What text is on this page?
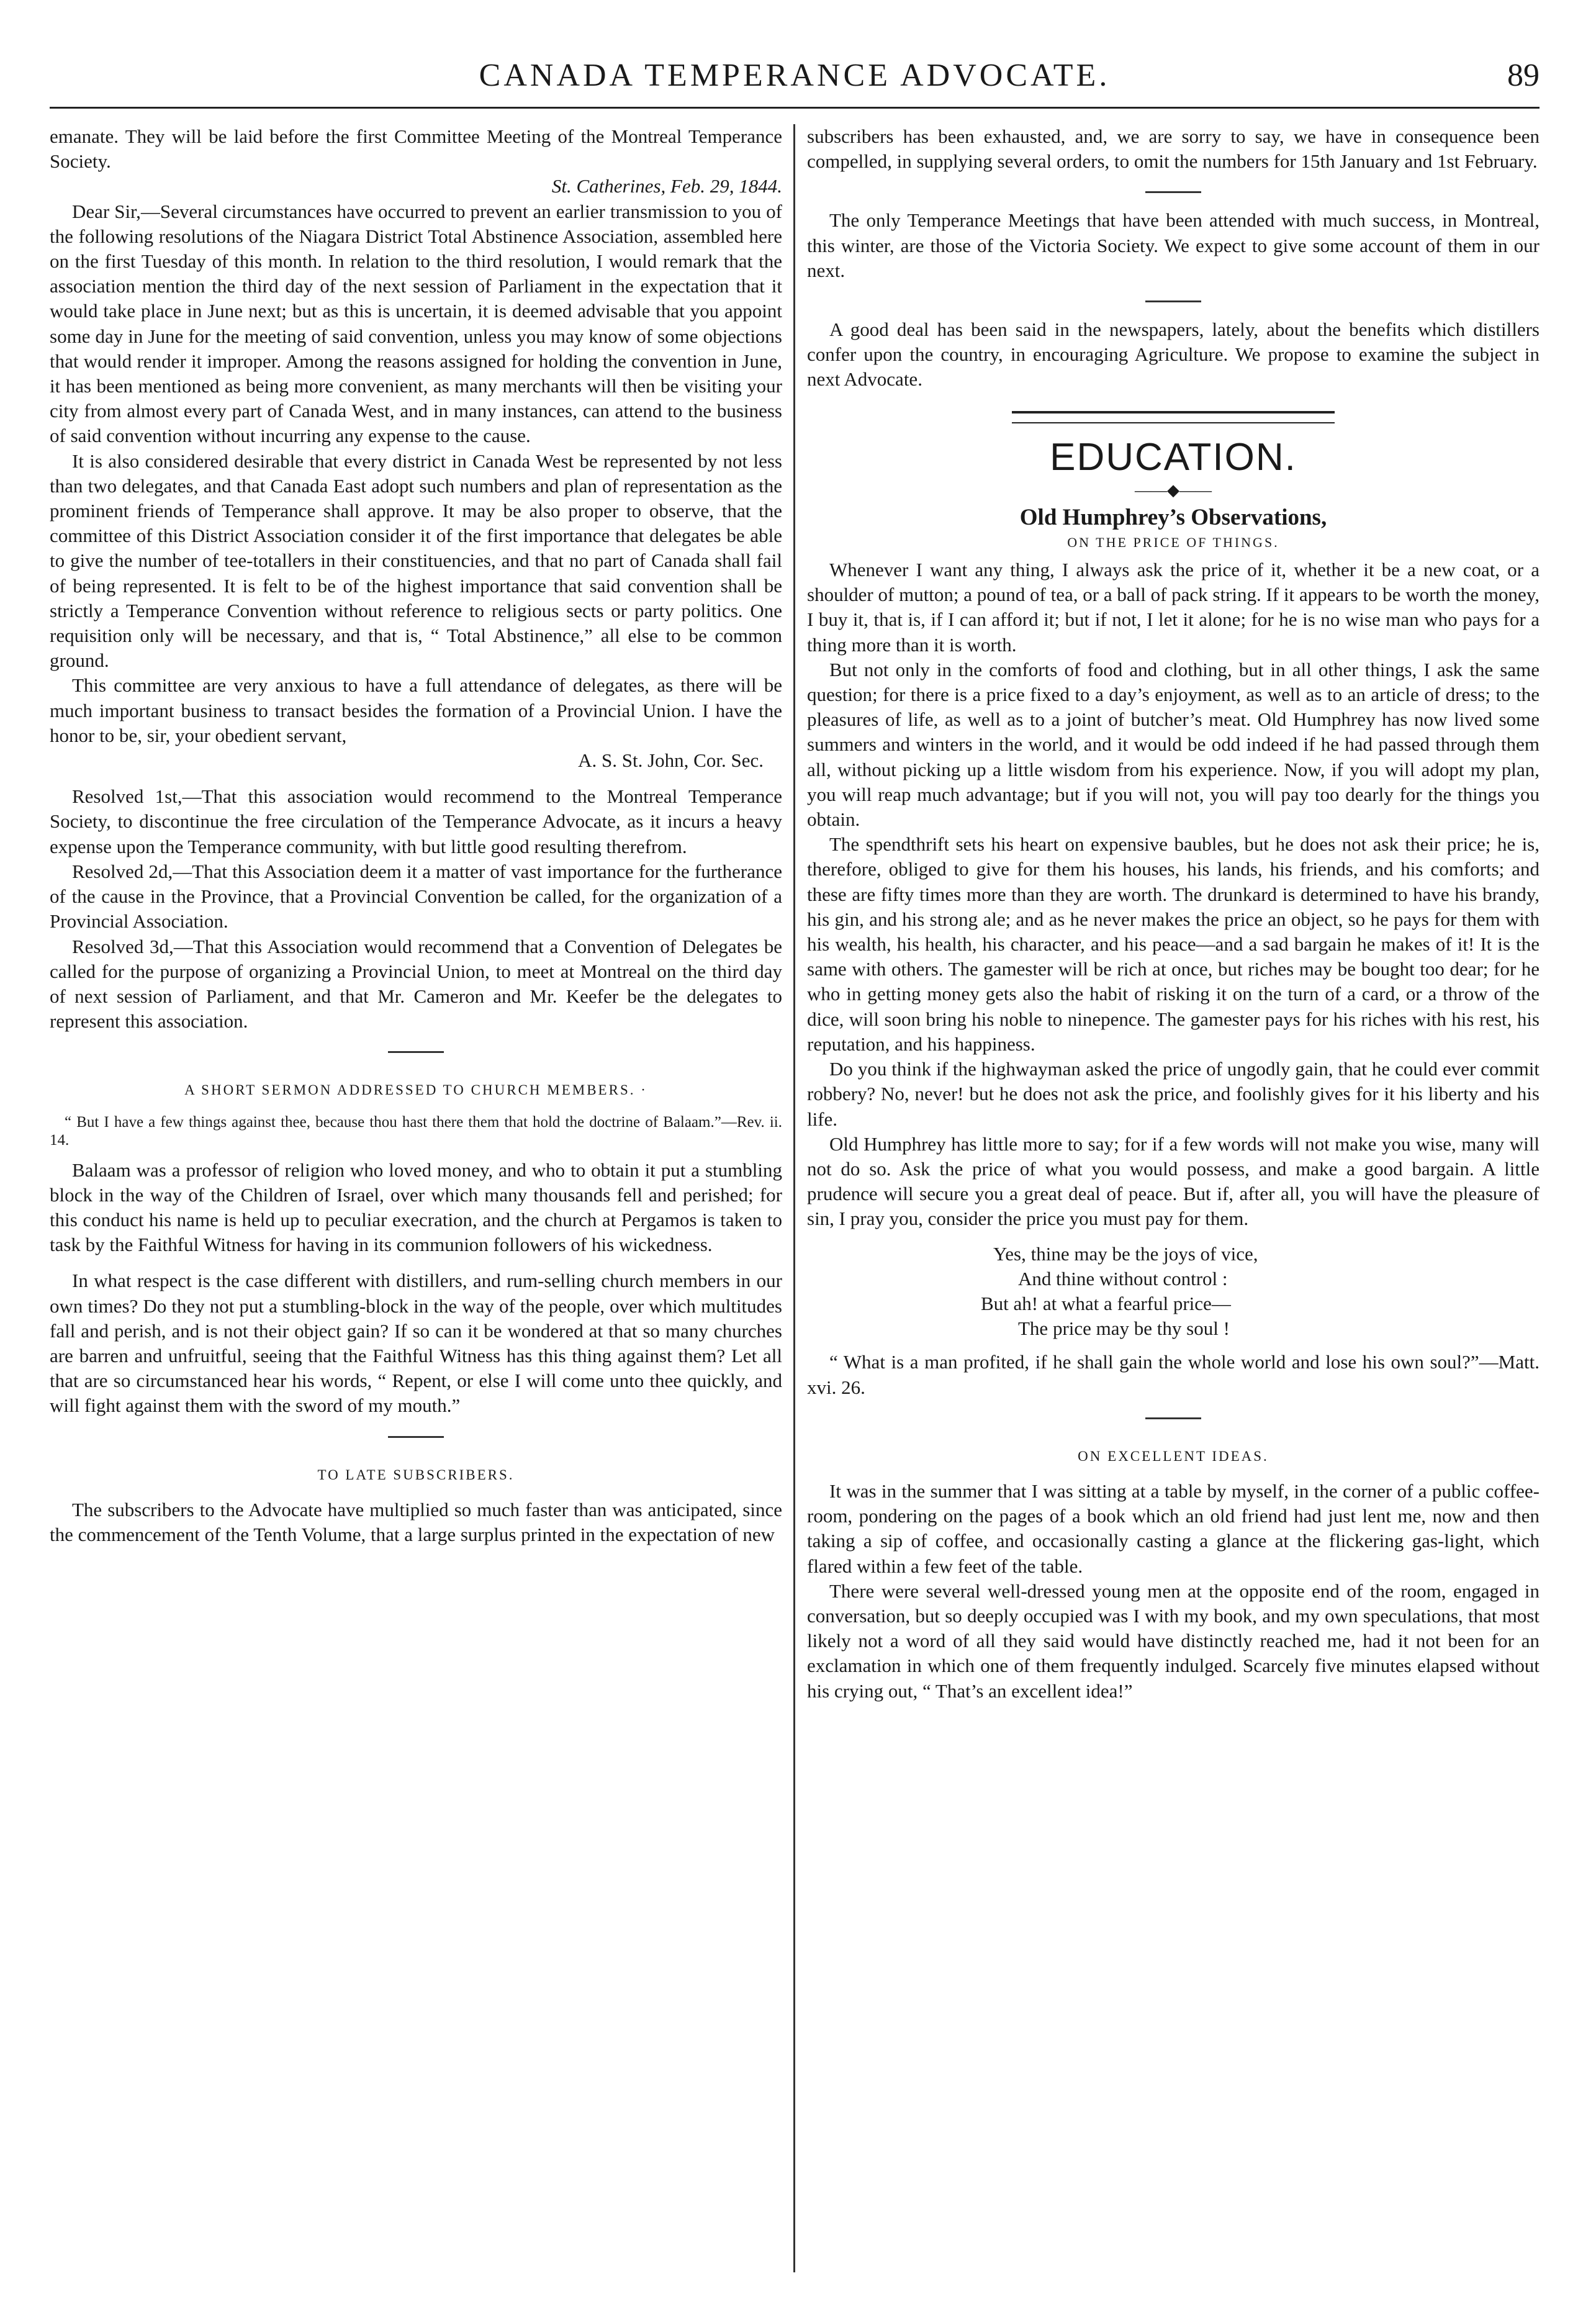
CANADA TEMPERANCE ADVOCATE.	89

emanate. They will be laid before the first Committee Meeting of the Montreal Temperance Society.

St. Catherines, Feb. 29, 1844.

Dear Sir,—Several circumstances have occurred to prevent an earlier transmission to you of the following resolutions of the Niagara District Total Abstinence Association, assembled here on the first Tuesday of this month. In relation to the third resolution, I would remark that the association mention the third day of the next session of Parliament in the expectation that it would take place in June next; but as this is uncertain, it is deemed advisable that you appoint some day in June for the meeting of said convention, unless you may know of some objections that would render it improper. Among the reasons assigned for holding the convention in June, it has been mentioned as being more convenient, as many merchants will then be visiting your city from almost every part of Canada West, and in many instances, can attend to the business of said convention without incurring any expense to the cause.

It is also considered desirable that every district in Canada West be represented by not less than two delegates, and that Canada East adopt such numbers and plan of representation as the prominent friends of Temperance shall approve. It may be also proper to observe, that the committee of this District Association consider it of the first importance that delegates be able to give the number of tee-totallers in their constituencies, and that no part of Canada shall fail of being represented. It is felt to be of the highest importance that said convention shall be strictly a Temperance Convention without reference to religious sects or party politics. One requisition only will be necessary, and that is, “ Total Abstinence,” all else to be common ground.

This committee are very anxious to have a full attendance of delegates, as there will be much important business to transact besides the formation of a Provincial Union. I have the honor to be, sir, your obedient servant,

A. S. St. John, Cor. Sec.

Resolved 1st,—That this association would recommend to the Montreal Temperance Society, to discontinue the free circulation of the Temperance Advocate, as it incurs a heavy expense upon the Temperance community, with but little good resulting therefrom.

Resolved 2d,—That this Association deem it a matter of vast importance for the furtherance of the cause in the Province, that a Provincial Convention be called, for the organization of a Provincial Association.

Resolved 3d,—That this Association would recommend that a Convention of Delegates be called for the purpose of organizing a Provincial Union, to meet at Montreal on the third day of next session of Parliament, and that Mr. Cameron and Mr. Keefer be the delegates to represent this association.

A SHORT SERMON ADDRESSED TO CHURCH MEMBERS. ·

“ But I have a few things against thee, because thou hast there them that hold the doctrine of Balaam.”—Rev. ii. 14.

Balaam was a professor of religion who loved money, and who to obtain it put a stumbling block in the way of the Children of Israel, over which many thousands fell and perished; for this conduct his name is held up to peculiar execration, and the church at Pergamos is taken to task by the Faithful Witness for having in its communion followers of his wickedness.

In what respect is the case different with distillers, and rum-selling church members in our own times? Do they not put a stumbling-block in the way of the people, over which multitudes fall and perish, and is not their object gain? If so can it be wondered at that so many churches are barren and unfruitful, seeing that the Faithful Witness has this thing against them? Let all that are so circumstanced hear his words, “ Repent, or else I will come unto thee quickly, and will fight against them with the sword of my mouth.”

TO LATE SUBSCRIBERS.

The subscribers to the Advocate have multiplied so much faster than was anticipated, since the commencement of the Tenth Volume, that a large surplus printed in the expectation of new

subscribers has been exhausted, and, we are sorry to say, we have in consequence been compelled, in supplying several orders, to omit the numbers for 15th January and 1st February.

The only Temperance Meetings that have been attended with much success, in Montreal, this winter, are those of the Victoria Society. We expect to give some account of them in our next.

A good deal has been said in the newspapers, lately, about the benefits which distillers confer upon the country, in encouraging Agriculture. We propose to examine the subject in next Advocate.

EDUCATION.

——◆——

Old Humphrey’s Observations,

ON THE PRICE OF THINGS.

Whenever I want any thing, I always ask the price of it, whether it be a new coat, or a shoulder of mutton; a pound of tea, or a ball of pack string. If it appears to be worth the money, I buy it, that is, if I can afford it; but if not, I let it alone; for he is no wise man who pays for a thing more than it is worth.

But not only in the comforts of food and clothing, but in all other things, I ask the same question; for there is a price fixed to a day’s enjoyment, as well as to an article of dress; to the pleasures of life, as well as to a joint of butcher’s meat. Old Humphrey has now lived some summers and winters in the world, and it would be odd indeed if he had passed through them all, without picking up a little wisdom from his experience. Now, if you will adopt my plan, you will reap much advantage; but if you will not, you will pay too dearly for the things you obtain.

The spendthrift sets his heart on expensive baubles, but he does not ask their price; he is, therefore, obliged to give for them his houses, his lands, his friends, and his comforts; and these are fifty times more than they are worth. The drunkard is determined to have his brandy, his gin, and his strong ale; and as he never makes the price an object, so he pays for them with his wealth, his health, his character, and his peace—and a sad bargain he makes of it! It is the same with others. The gamester will be rich at once, but riches may be bought too dear; for he who in getting money gets also the habit of risking it on the turn of a card, or a throw of the dice, will soon bring his noble to ninepence. The gamester pays for his riches with his rest, his reputation, and his happiness.

Do you think if the highwayman asked the price of ungodly gain, that he could ever commit robbery? No, never! but he does not ask the price, and foolishly gives for it his liberty and his life.

Old Humphrey has little more to say; for if a few words will not make you wise, many will not do so. Ask the price of what you would possess, and make a good bargain. A little prudence will secure you a great deal of peace. But if, after all, you will have the pleasure of sin, I pray you, consider the price you must pay for them.

Yes, thine may be the joys of vice,
And thine without control :
But ah! at what a fearful price—
The price may be thy soul !

“ What is a man profited, if he shall gain the whole world and lose his own soul?”—Matt. xvi. 26.

ON EXCELLENT IDEAS.

It was in the summer that I was sitting at a table by myself, in the corner of a public coffee-room, pondering on the pages of a book which an old friend had just lent me, now and then taking a sip of coffee, and occasionally casting a glance at the flickering gas-light, which flared within a few feet of the table.

There were several well-dressed young men at the opposite end of the room, engaged in conversation, but so deeply occupied was I with my book, and my own speculations, that most likely not a word of all they said would have distinctly reached me, had it not been for an exclamation in which one of them frequently indulged. Scarcely five minutes elapsed without his crying out, “ That’s an excellent idea!”
